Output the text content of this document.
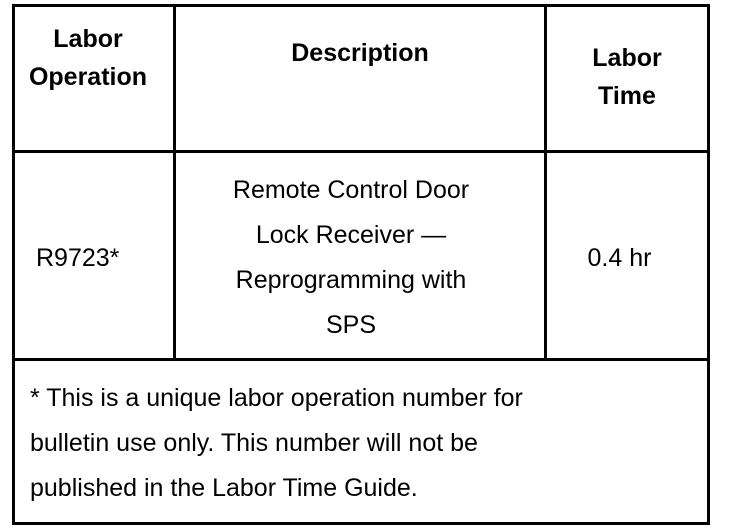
Labor
Operation
Description	Labor
Time
R9723*
Remote Control Door
Lock Receiver —
Reprogramming with
SPS
0.4 hr
* This is a unique labor operation number for
bulletin use only. This number will not be
published in the Labor Time Guide.
